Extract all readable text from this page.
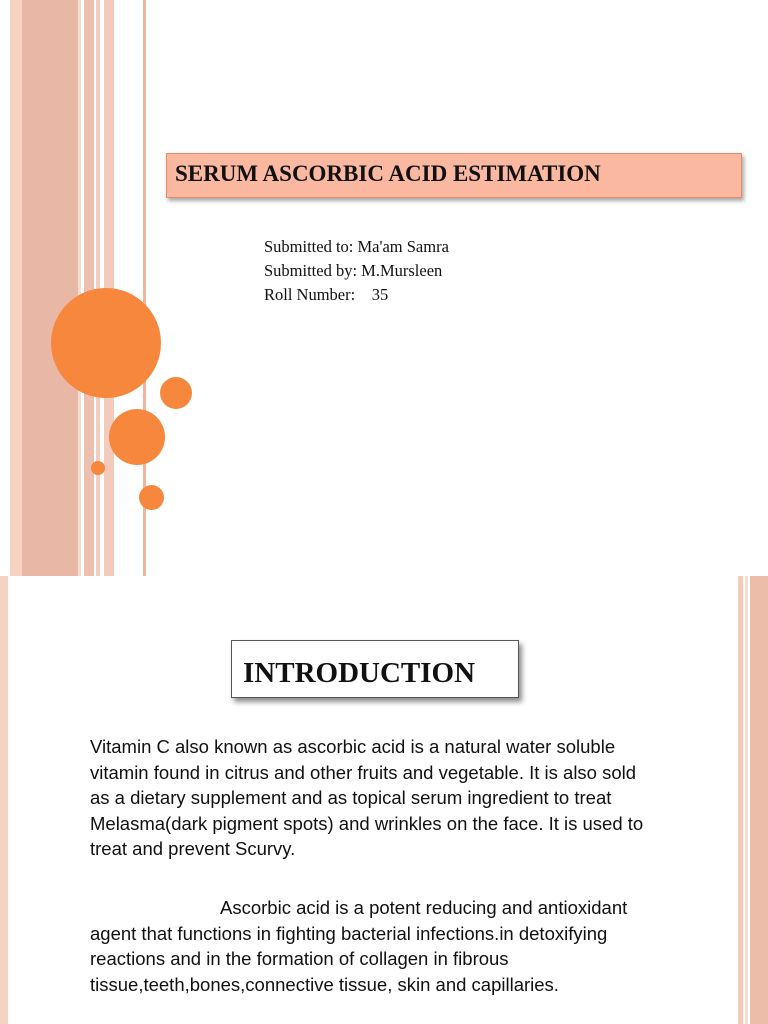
SERUM ASCORBIC ACID ESTIMATION
Submitted to: Ma'am Samra
Submitted by: M.Mursleen
Roll Number:    35
INTRODUCTION
Vitamin C also known as ascorbic acid is a natural water soluble vitamin found in citrus and other fruits and vegetable. It is also sold as a dietary supplement and as topical serum ingredient to treat Melasma(dark pigment spots) and wrinkles on the face. It is used to treat and prevent Scurvy.
Ascorbic acid is a potent reducing and antioxidant agent that functions in fighting bacterial infections.in detoxifying reactions and in the formation of collagen in fibrous tissue,teeth,bones,connective tissue, skin and capillaries.
